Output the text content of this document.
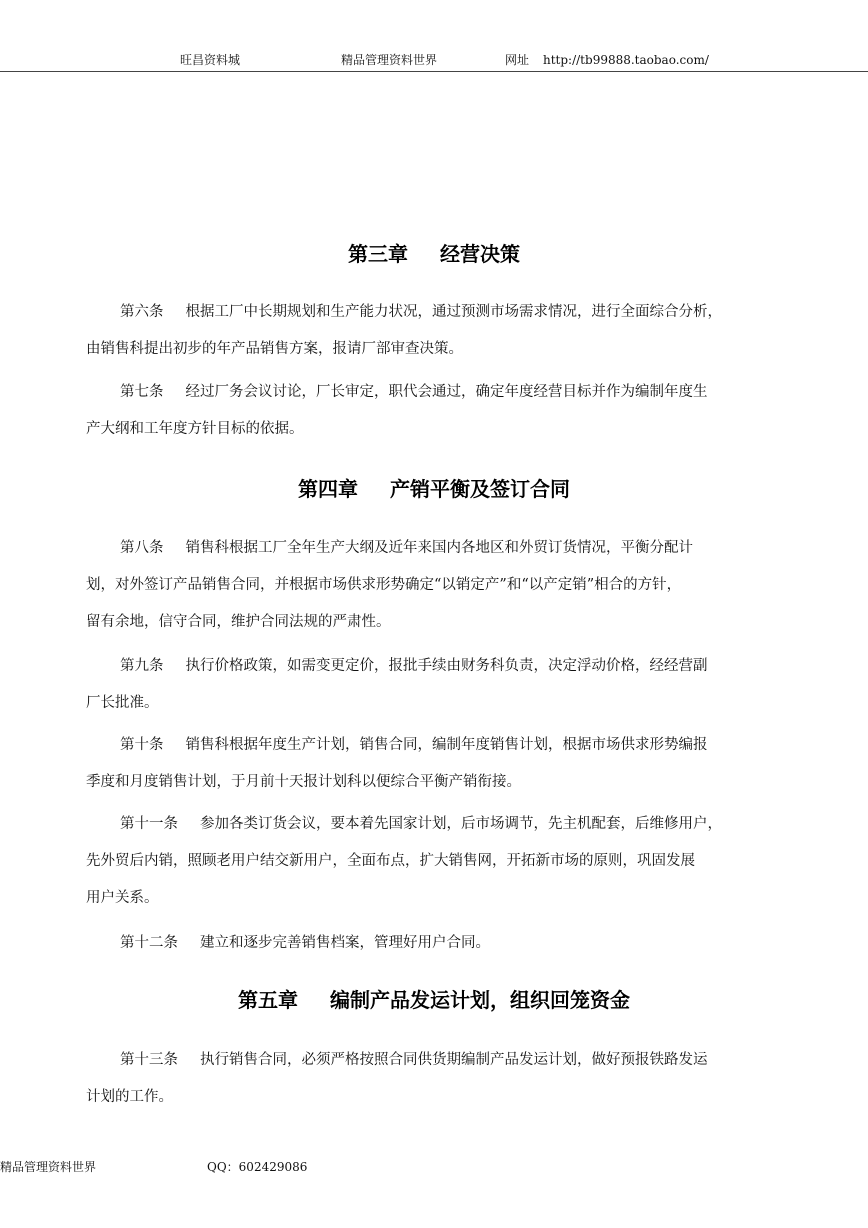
旺昌资料城	精品管理资料世界	网址 http://tb99888.taobao.com/
第三章 经营决策
第六条 根据工厂中长期规划和生产能力状况，通过预测市场需求情况，进行全面综合分析，
由销售科提出初步的年产品销售方案，报请厂部审查决策。
第七条 经过厂务会议讨论，厂长审定，职代会通过，确定年度经营目标并作为编制年度生
产大纲和工年度方针目标的依据。
第四章 产销平衡及签订合同
第八条 销售科根据工厂全年生产大纲及近年来国内各地区和外贸订货情况，平衡分配计
划，对外签订产品销售合同，并根据市场供求形势确定“以销定产”和“以产定销”相合的方针，
留有余地，信守合同，维护合同法规的严肃性。
第九条 执行价格政策，如需变更定价，报批手续由财务科负责，决定浮动价格，经经营副
厂长批准。
第十条 销售科根据年度生产计划，销售合同，编制年度销售计划，根据市场供求形势编报
季度和月度销售计划，于月前十天报计划科以便综合平衡产销衔接。
第十一条 参加各类订货会议，要本着先国家计划，后市场调节，先主机配套，后维修用户，
先外贸后内销，照顾老用户结交新用户，全面布点，扩大销售网，开拓新市场的原则，巩固发展
用户关系。
第十二条 建立和逐步完善销售档案，管理好用户合同。
第五章 编制产品发运计划，组织回笼资金
第十三条 执行销售合同，必须严格按照合同供货期编制产品发运计划，做好预报铁路发运
计划的工作。
精品管理资料世界	QQ：602429086
